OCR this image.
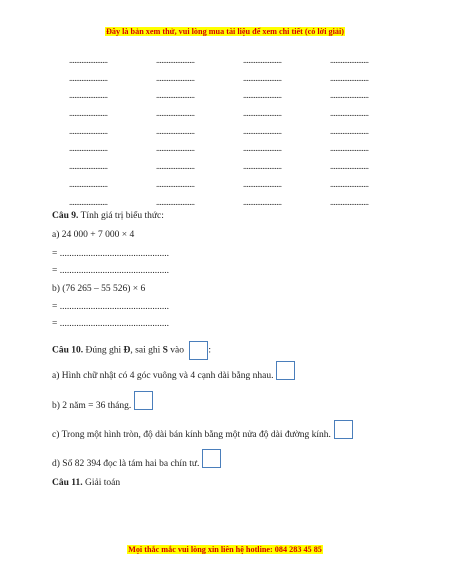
Đây là bản xem thử, vui lòng mua tài liệu để xem chi tiết (có lời giải)
......................	......................	......................	......................
......................	......................	......................	......................
......................	......................	......................	......................
......................	......................	......................	......................
......................	......................	......................	......................
......................	......................	......................	......................
......................	......................	......................	......................
......................	......................	......................	......................
......................	......................	......................	......................
Câu 9. Tính giá trị biểu thức:
a) 24 000 + 7 000 × 4
= ..............................................
= ..............................................
b) (76 265 – 55 526) × 6
= ..............................................
= ..............................................
Câu 10. Đúng ghi Đ, sai ghi S vào	:
a) Hình chữ nhật có 4 góc vuông và 4 cạnh dài bằng nhau.
b) 2 năm = 36 tháng.
c) Trong một hình tròn, độ dài bán kính bằng một nửa độ dài đường kính.
d) Số 82 394 đọc là tám hai ba chín tư.
Câu 11. Giải toán
Mọi thắc mắc vui lòng xin liên hệ hotline: 084 283 45 85
